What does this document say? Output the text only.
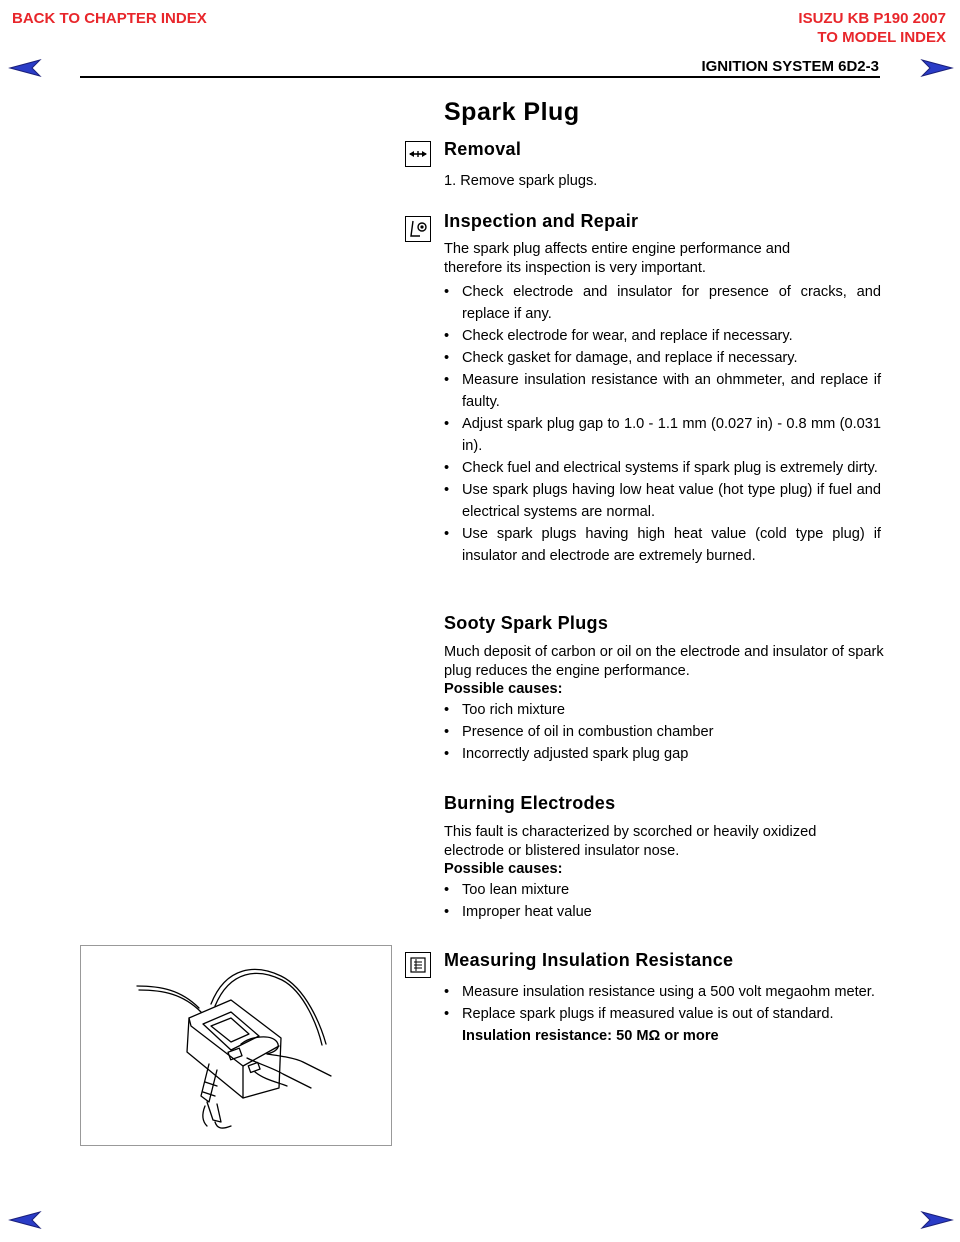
BACK TO CHAPTER INDEX	ISUZU KB P190 2007
TO MODEL INDEX
IGNITION SYSTEM 6D2-3
Spark Plug
Removal

1. Remove spark plugs.

Inspection and Repair

The spark plug affects entire engine performance and therefore its inspection is very important.

• Check electrode and insulator for presence of cracks, and replace if any.
• Check electrode for wear, and replace if necessary.
• Check gasket for damage, and replace if necessary.
• Measure insulation resistance with an ohmmeter, and replace if faulty.
• Adjust spark plug gap to 1.0 - 1.1 mm (0.027 in) - 0.8 mm (0.031 in).
• Check fuel and electrical systems if spark plug is extremely dirty.
• Use spark plugs having low heat value (hot type plug) if fuel and electrical systems are normal.
• Use spark plugs having high heat value (cold type plug) if insulator and electrode are extremely burned.
Sooty Spark Plugs

Much deposit of carbon or oil on the electrode and insulator of spark plug reduces the engine performance.

Possible causes:

• Too rich mixture
• Presence of oil in combustion chamber
• Incorrectly adjusted spark plug gap
Burning Electrodes

This fault is characterized by scorched or heavily oxidized electrode or blistered insulator nose.

Possible causes:

• Too lean mixture
• Improper heat value
Measuring Insulation Resistance
• Measure insulation resistance using a 500 volt megaohm meter.
• Replace spark plugs if measured value is out of standard.

Insulation resistance: 50 MΩ or more
